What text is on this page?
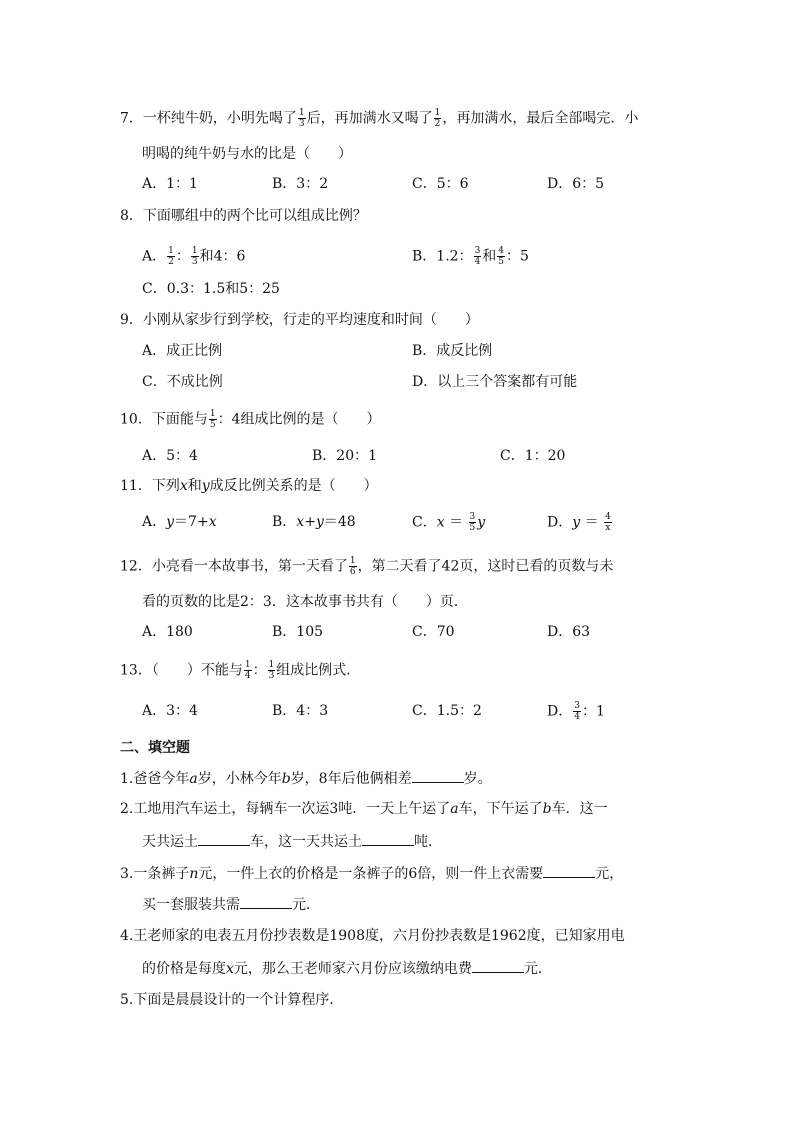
7．一杯纯牛奶，小明先喝了 $\frac{1}{3}$ 后，再加满水又喝了 $\frac{1}{2}$ ，再加满水，最后全部喝完．小
明喝的纯牛奶与水的比是（　　）
A．1：1	B．3：2	C．5：6	D．6：5
8．下面哪组中的两个比可以组成比例？
A． $\frac{1}{2}$ ： $\frac{1}{3}$ 和4：6	B．1.2： $\frac{3}{4}$ 和 $\frac{4}{5}$ ：5
C．0.3：1.5和5：25
9．小刚从家步行到学校，行走的平均速度和时间（　　）
A．成正比例	B．成反比例
C．不成比例	D．以上三个答案都有可能
10．下面能与 $\frac{1}{5}$ ：4组成比例的是（　　）
A．5：4	B．20：1	C．1：20
11．下列x和y成反比例关系的是（　　）
A．y＝7+x	B．x+y＝48	C．$x = \frac{3}{5}$ y	D．$y = \frac{4}{x}$
12．小亮看一本故事书，第一天看了 $\frac{1}{6}$ ，第二天看了42页，这时已看的页数与未
看的页数的比是2：3．这本故事书共有（　　）页．
A．180	B．105	C．70	D．63
13．（　　）不能与 $\frac{1}{4}$ ： $\frac{1}{3}$ 组成比例式．
A．3：4	B．4：3	C．1.5：2	D． $\frac{3}{4}$ ：1
二、填空题
1.爸爸今年a岁，小林今年b岁，8年后他俩相差	岁。
2.工地用汽车运土，每辆车一次运3吨．一天上午运了a车，下午运了b车．这一
天共运土	车，这一天共运土	吨．
3.一条裤子n元，一件上衣的价格是一条裤子的6倍，则一件上衣需要	元，
买一套服装共需	元．
4.王老师家的电表五月份抄表数是1908度，六月份抄表数是1962度，已知家用电
的价格是每度x元，那么王老师家六月份应该缴纳电费	元．
5.下面是晨晨设计的一个计算程序．
